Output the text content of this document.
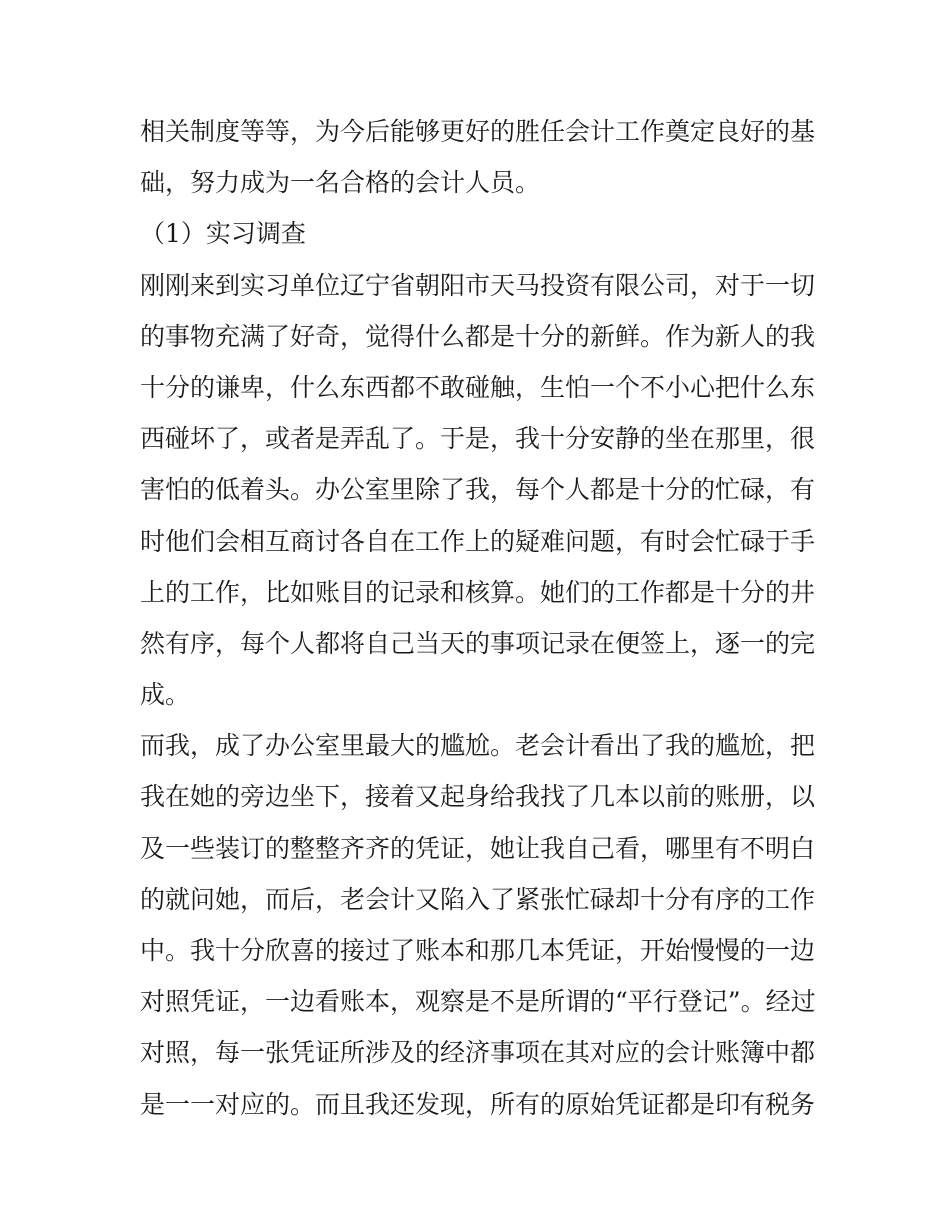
相关制度等等，为今后能够更好的胜任会计工作奠定良好的基
础，努力成为一名合格的会计人员。
（1）实习调查
刚刚来到实习单位辽宁省朝阳市天马投资有限公司，对于一切
的事物充满了好奇，觉得什么都是十分的新鲜。作为新人的我
十分的谦卑，什么东西都不敢碰触，生怕一个不小心把什么东
西碰坏了，或者是弄乱了。于是，我十分安静的坐在那里，很
害怕的低着头。办公室里除了我，每个人都是十分的忙碌，有
时他们会相互商讨各自在工作上的疑难问题，有时会忙碌于手
上的工作，比如账目的记录和核算。她们的工作都是十分的井
然有序，每个人都将自己当天的事项记录在便签上，逐一的完
成。
而我，成了办公室里最大的尴尬。老会计看出了我的尴尬，把
我在她的旁边坐下，接着又起身给我找了几本以前的账册，以
及一些装订的整整齐齐的凭证，她让我自己看，哪里有不明白
的就问她，而后，老会计又陷入了紧张忙碌却十分有序的工作
中。我十分欣喜的接过了账本和那几本凭证，开始慢慢的一边
对照凭证，一边看账本，观察是不是所谓的“平行登记”。经过
对照，每一张凭证所涉及的经济事项在其对应的会计账簿中都
是一一对应的。而且我还发现，所有的原始凭证都是印有税务
